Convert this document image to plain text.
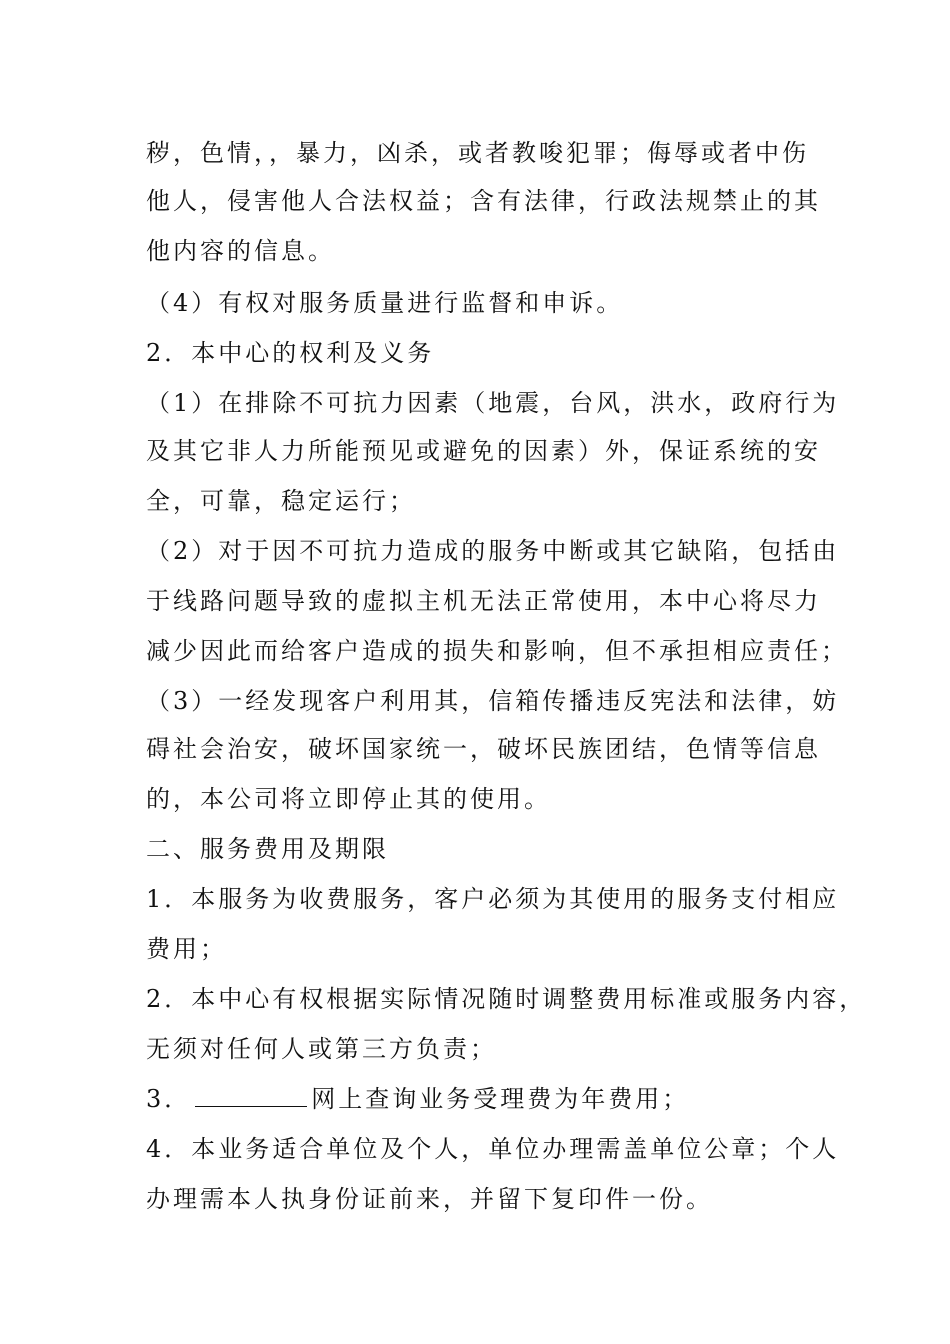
秽，色情，，暴力，凶杀，或者教唆犯罪；侮辱或者中伤

他人，侵害他人合法权益；含有法律，行政法规禁止的其

他内容的信息。

（4）有权对服务质量进行监督和申诉。

2．本中心的权利及义务

（1）在排除不可抗力因素（地震，台风，洪水，政府行为

及其它非人力所能预见或避免的因素）外，保证系统的安

全，可靠，稳定运行；

（2）对于因不可抗力造成的服务中断或其它缺陷，包括由

于线路问题导致的虚拟主机无法正常使用，本中心将尽力

减少因此而给客户造成的损失和影响，但不承担相应责任；

（3）一经发现客户利用其，信箱传播违反宪法和法律，妨

碍社会治安，破坏国家统一，破坏民族团结，色情等信息

的，本公司将立即停止其的使用。

二、服务费用及期限

1．本服务为收费服务，客户必须为其使用的服务支付相应

费用；

2．本中心有权根据实际情况随时调整费用标准或服务内容，

无须对任何人或第三方负责；

3．	网上查询业务受理费为年费用；

4．本业务适合单位及个人，单位办理需盖单位公章；个人

办理需本人执身份证前来，并留下复印件一份。
